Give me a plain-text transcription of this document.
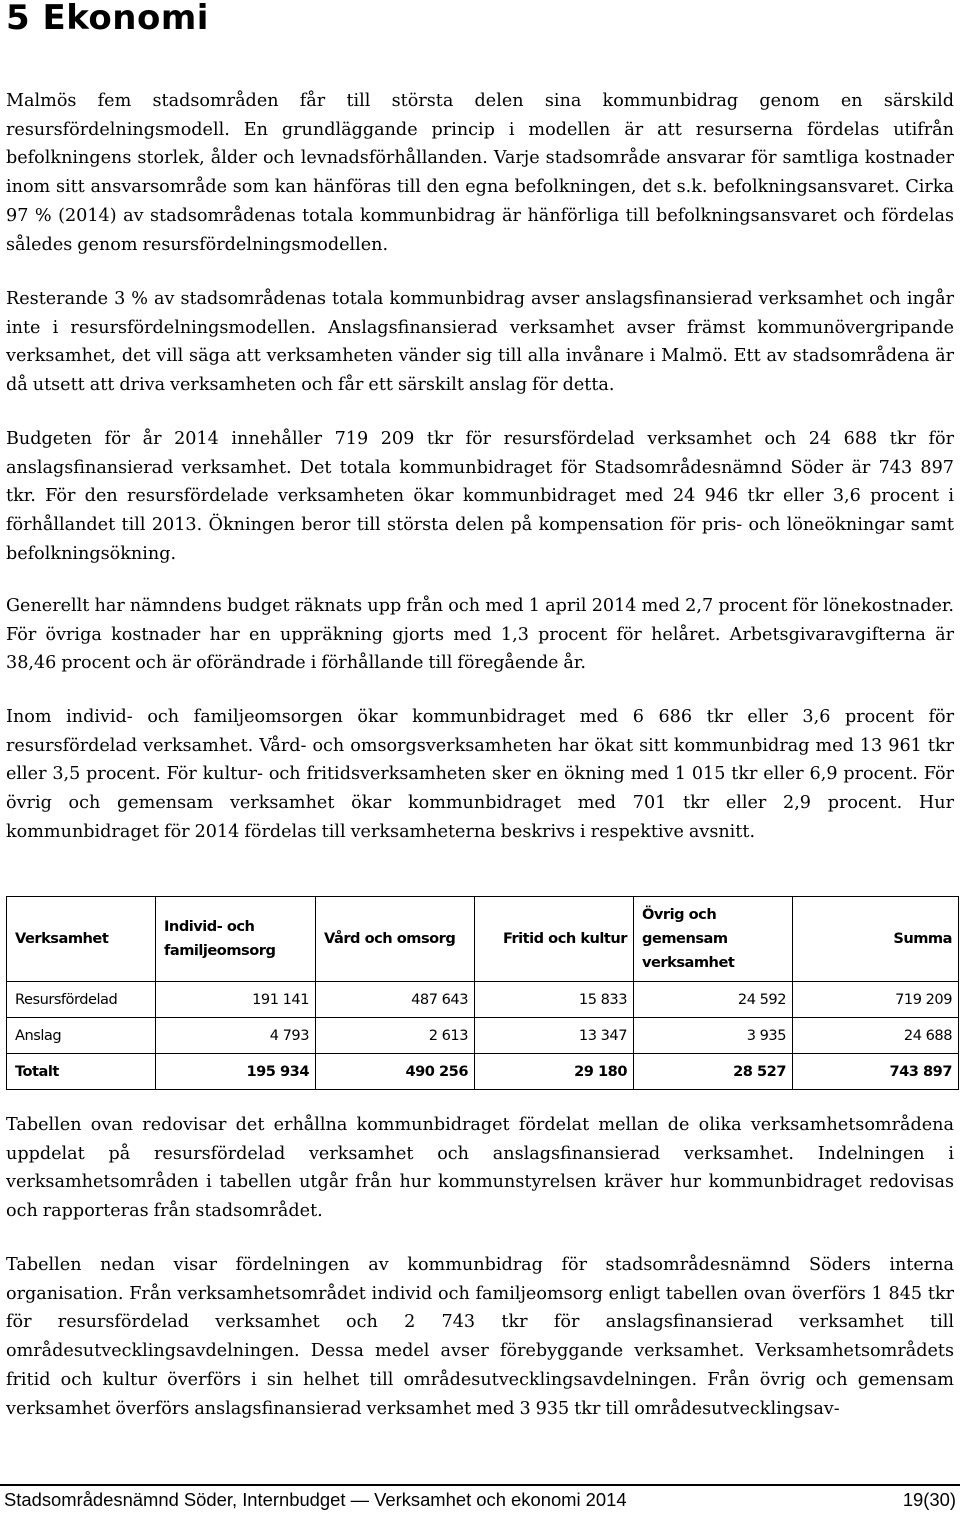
5 Ekonomi

Malmös fem stadsområden får till största delen sina kommunbidrag genom en särskild resursfördelningsmodell. En grundläggande princip i modellen är att resurserna fördelas utifrån befolkningens storlek, ålder och levnadsförhållanden. Varje stadsområde ansvarar för samtliga kostnader inom sitt ansvarsområde som kan hänföras till den egna befolkningen, det s.k. befolkningsansvaret. Cirka 97 % (2014) av stadsområdenas totala kommunbidrag är hänförliga till befolkningsansvaret och fördelas således genom resursfördelningsmodellen.

Resterande 3 % av stadsområdenas totala kommunbidrag avser anslagsfinansierad verksamhet och ingår inte i resursfördelningsmodellen. Anslagsfinansierad verksamhet avser främst kommunövergripande verksamhet, det vill säga att verksamheten vänder sig till alla invånare i Malmö. Ett av stadsområdena är då utsett att driva verksamheten och får ett särskilt anslag för detta.

Budgeten för år 2014 innehåller 719 209 tkr för resursfördelad verksamhet och 24 688 tkr för anslagsfinansierad verksamhet. Det totala kommunbidraget för Stadsområdesnämnd Söder är 743 897 tkr. För den resursfördelade verksamheten ökar kommunbidraget med 24 946 tkr eller 3,6 procent i förhållandet till 2013. Ökningen beror till största delen på kompensation för pris- och löneökningar samt befolkningsökning.

Generellt har nämndens budget räknats upp från och med 1 april 2014 med 2,7 procent för lönekostnader. För övriga kostnader har en uppräkning gjorts med 1,3 procent för helåret. Arbetsgivaravgifterna är 38,46 procent och är oförändrade i förhållande till föregående år.

Inom individ- och familjeomsorgen ökar kommunbidraget med 6 686 tkr eller 3,6 procent för resursfördelad verksamhet. Vård- och omsorgsverksamheten har ökat sitt kommunbidrag med 13 961 tkr eller 3,5 procent. För kultur- och fritidsverksamheten sker en ökning med 1 015 tkr eller 6,9 procent. För övrig och gemensam verksamhet ökar kommunbidraget med 701 tkr eller 2,9 procent. Hur kommunbidraget för 2014 fördelas till verksamheterna beskrivs i respektive avsnitt.

Verksamhet	Individ- och familjeomsorg	Vård och omsorg	Fritid och kultur	Övrig och gemensam verksamhet	Summa
Resursfördelad	191 141	487 643	15 833	24 592	719 209
Anslag	4 793	2 613	13 347	3 935	24 688
Totalt	195 934	490 256	29 180	28 527	743 897

Tabellen ovan redovisar det erhållna kommunbidraget fördelat mellan de olika verksamhetsområdena uppdelat på resursfördelad verksamhet och anslagsfinansierad verksamhet. Indelningen i verksamhetsområden i tabellen utgår från hur kommunstyrelsen kräver hur kommunbidraget redovisas och rapporteras från stadsområdet.

Tabellen nedan visar fördelningen av kommunbidrag för stadsområdesnämnd Söders interna organisation. Från verksamhetsområdet individ och familjeomsorg enligt tabellen ovan överförs 1 845 tkr för resursfördelad verksamhet och 2 743 tkr för anslagsfinansierad verksamhet till områdesutvecklingsavdelningen. Dessa medel avser förebyggande verksamhet. Verksamhetsområdets fritid och kultur överförs i sin helhet till områdesutvecklingsavdelningen. Från övrig och gemensam verksamhet överförs anslagsfinansierad verksamhet med 3 935 tkr till områdesutvecklingsav-

Stadsområdesnämnd Söder, Internbudget — Verksamhet och ekonomi 2014	19(30)
